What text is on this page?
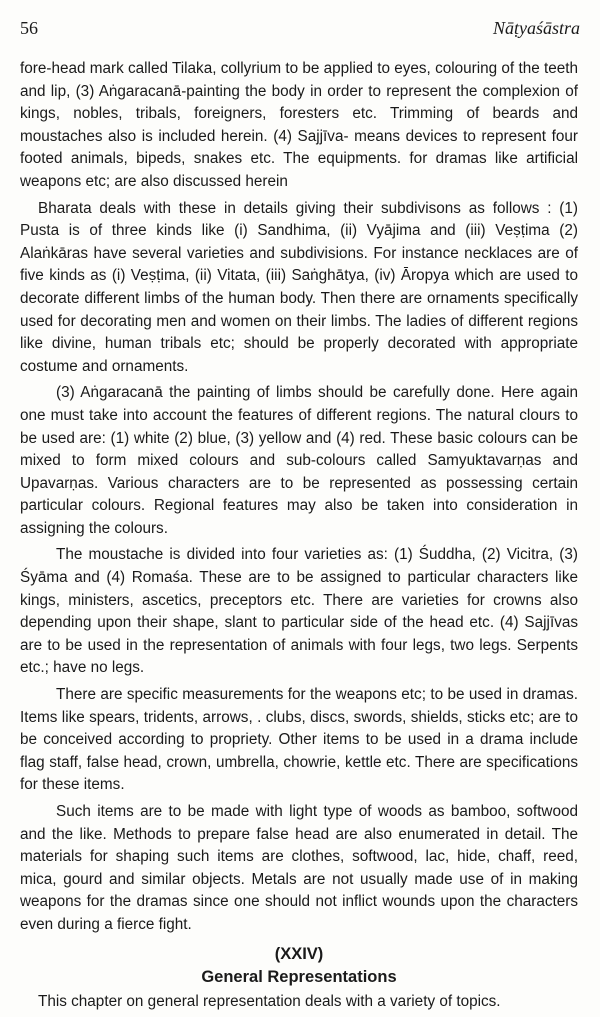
56	Nāṭyaśāstra

fore-head mark called Tilaka, collyrium to be applied to eyes, colouring of the teeth and lip, (3) Aṅgaracanā-painting the body in order to represent the complexion of kings, nobles, tribals, foreigners, foresters etc. Trimming of beards and moustaches also is included herein. (4) Sajjīva- means devices to represent four footed animals, bipeds, snakes etc. The equipments. for dramas like artificial weapons etc; are also discussed herein

Bharata deals with these in details giving their subdivisons as follows : (1) Pusta is of three kinds like (i) Sandhima, (ii) Vyājima and (iii) Veṣṭima (2) Alaṅkāras have several varieties and subdivisions. For instance necklaces are of five kinds as (i) Veṣṭima, (ii) Vitata, (iii) Saṅghātya, (iv) Āropya which are used to decorate different limbs of the human body. Then there are ornaments specifically used for decorating men and women on their limbs. The ladies of different regions like divine, human tribals etc; should be properly decorated with appropriate costume and ornaments.

(3) Aṅgaracanā the painting of limbs should be carefully done. Here again one must take into account the features of different regions. The natural clours to be used are: (1) white (2) blue, (3) yellow and (4) red. These basic colours can be mixed to form mixed colours and sub-colours called Samyuktavarṇas and Upavarṇas. Various characters are to be represented as possessing certain particular colours. Regional features may also be taken into consideration in assigning the colours.

The moustache is divided into four varieties as: (1) Śuddha, (2) Vicitra, (3) Śyāma and (4) Romaśa. These are to be assigned to particular characters like kings, ministers, ascetics, preceptors etc. There are varieties for crowns also depending upon their shape, slant to particular side of the head etc. (4) Sajjīvas are to be used in the representation of animals with four legs, two legs. Serpents etc.; have no legs.

There are specific measurements for the weapons etc; to be used in dramas. Items like spears, tridents, arrows, . clubs, discs, swords, shields, sticks etc; are to be conceived according to propriety. Other items to be used in a drama include flag staff, false head, crown, umbrella, chowrie, kettle etc. There are specifications for these items.

Such items are to be made with light type of woods as bamboo, softwood and the like. Methods to prepare false head are also enumerated in detail. The materials for shaping such items are clothes, softwood, lac, hide, chaff, reed, mica, gourd and similar objects. Metals are not usually made use of in making weapons for the dramas since one should not inflict wounds upon the characters even during a fierce fight.

(XXIV)
General Representations

This chapter on general representation deals with a variety of topics.
